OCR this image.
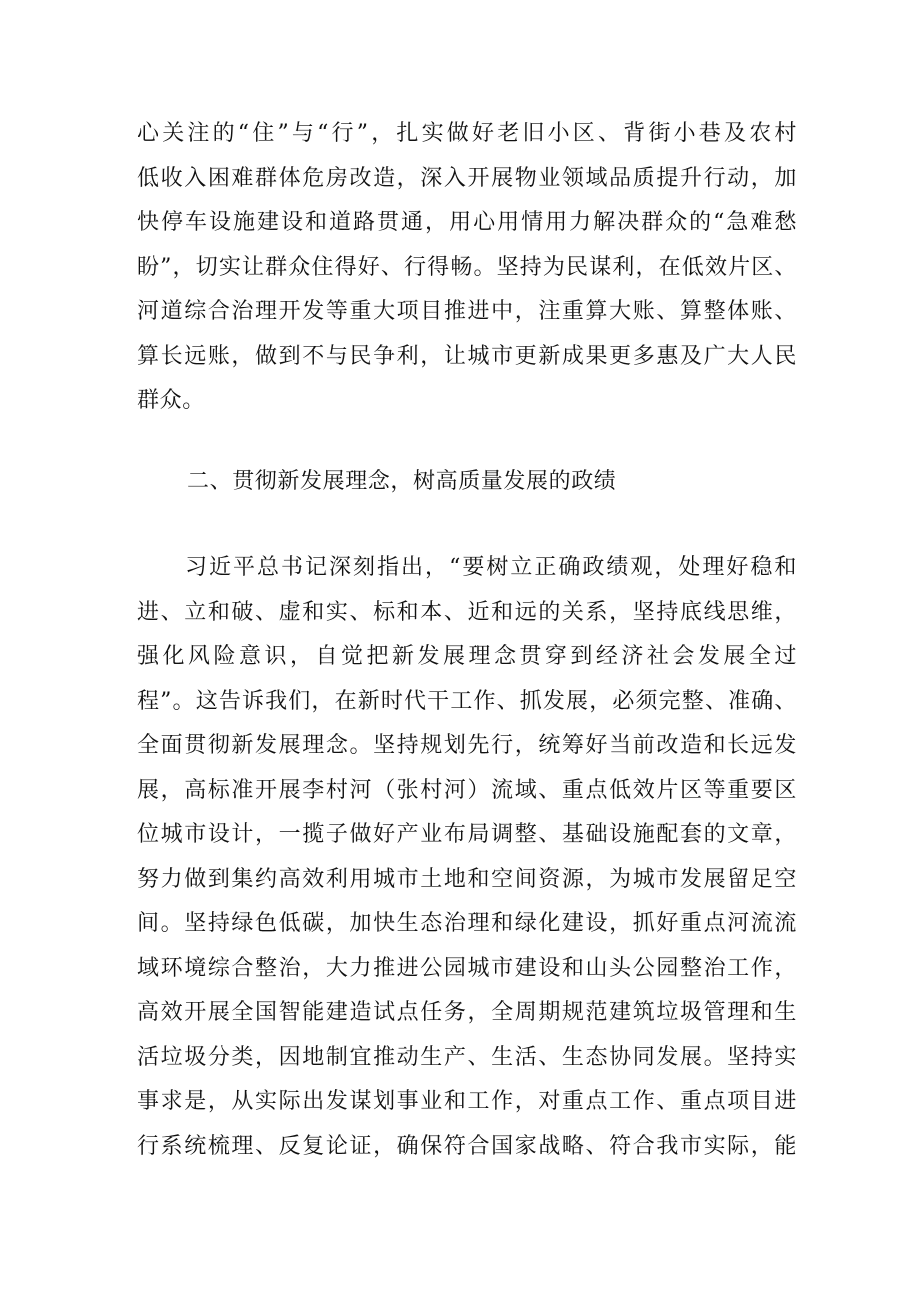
心关注的“住”与“行”，扎实做好老旧小区、背街小巷及农村
低收入困难群体危房改造，深入开展物业领域品质提升行动，加
快停车设施建设和道路贯通，用心用情用力解决群众的“急难愁
盼”，切实让群众住得好、行得畅。坚持为民谋利，在低效片区、
河道综合治理开发等重大项目推进中，注重算大账、算整体账、
算长远账，做到不与民争利，让城市更新成果更多惠及广大人民
群众。
二、贯彻新发展理念，树高质量发展的政绩
　　习近平总书记深刻指出，“要树立正确政绩观，处理好稳和
进、立和破、虚和实、标和本、近和远的关系，坚持底线思维，
强化风险意识，自觉把新发展理念贯穿到经济社会发展全过
程”。这告诉我们，在新时代干工作、抓发展，必须完整、准确、
全面贯彻新发展理念。坚持规划先行，统筹好当前改造和长远发
展，高标准开展李村河（张村河）流域、重点低效片区等重要区
位城市设计，一揽子做好产业布局调整、基础设施配套的文章，
努力做到集约高效利用城市土地和空间资源，为城市发展留足空
间。坚持绿色低碳，加快生态治理和绿化建设，抓好重点河流流
域环境综合整治，大力推进公园城市建设和山头公园整治工作，
高效开展全国智能建造试点任务，全周期规范建筑垃圾管理和生
活垃圾分类，因地制宜推动生产、生活、生态协同发展。坚持实
事求是，从实际出发谋划事业和工作，对重点工作、重点项目进
行系统梳理、反复论证，确保符合国家战略、符合我市实际，能
